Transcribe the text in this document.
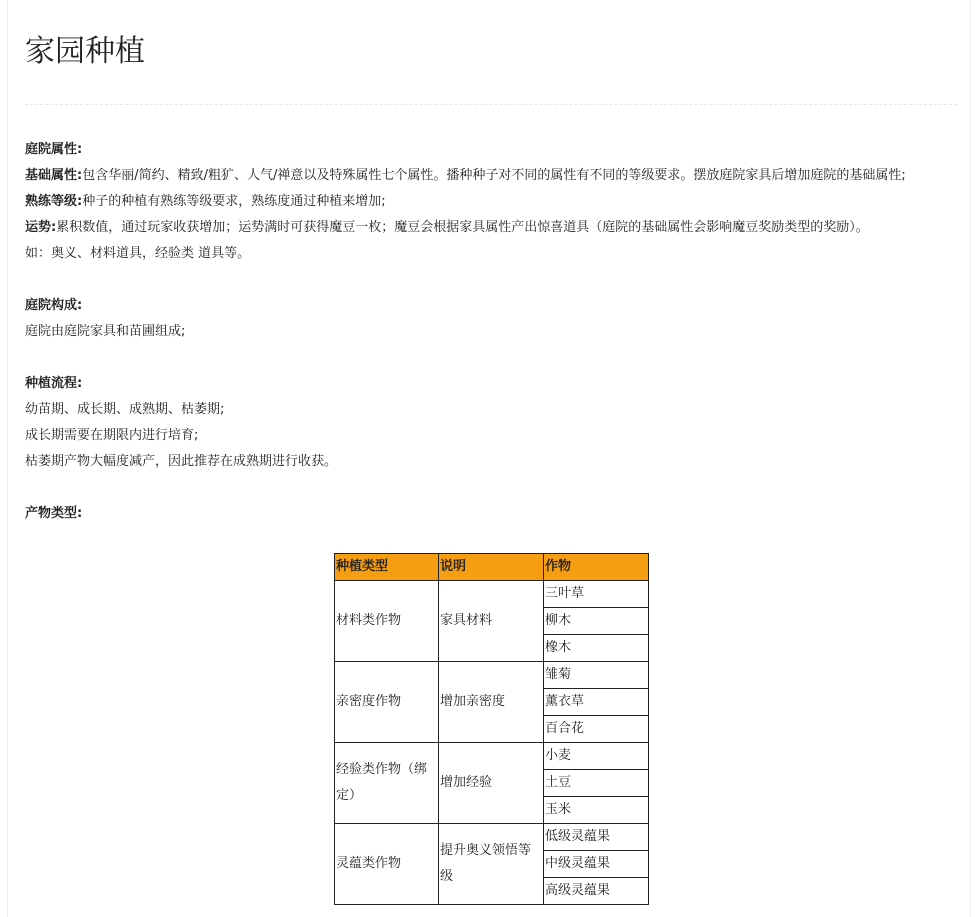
家园种植

庭院属性:

基础属性:包含华丽/简约、精致/粗犷、人气/禅意以及特殊属性七个属性。播种种子对不同的属性有不同的等级要求。摆放庭院家具后增加庭院的基础属性;

熟练等级:种子的种植有熟练等级要求，熟练度通过种植来增加;

运势:累积数值，通过玩家收获增加；运势满时可获得魔豆一枚；魔豆会根据家具属性产出惊喜道具（庭院的基础属性会影响魔豆奖励类型的奖励）。

如：奥义、材料道具，经验类 道具等。

庭院构成:

庭院由庭院家具和苗圃组成;

种植流程:

幼苗期、成长期、成熟期、枯萎期;

成长期需要在期限内进行培育;

枯萎期产物大幅度减产，因此推荐在成熟期进行收获。

产物类型:

种植类型	说明	作物
材料类作物	家具材料	三叶草
		柳木
		橡木
亲密度作物	增加亲密度	雏菊
		薰衣草
		百合花
经验类作物（绑定）	增加经验	小麦
		土豆
		玉米
灵蕴类作物	提升奥义领悟等级	低级灵蕴果
		中级灵蕴果
		高级灵蕴果
